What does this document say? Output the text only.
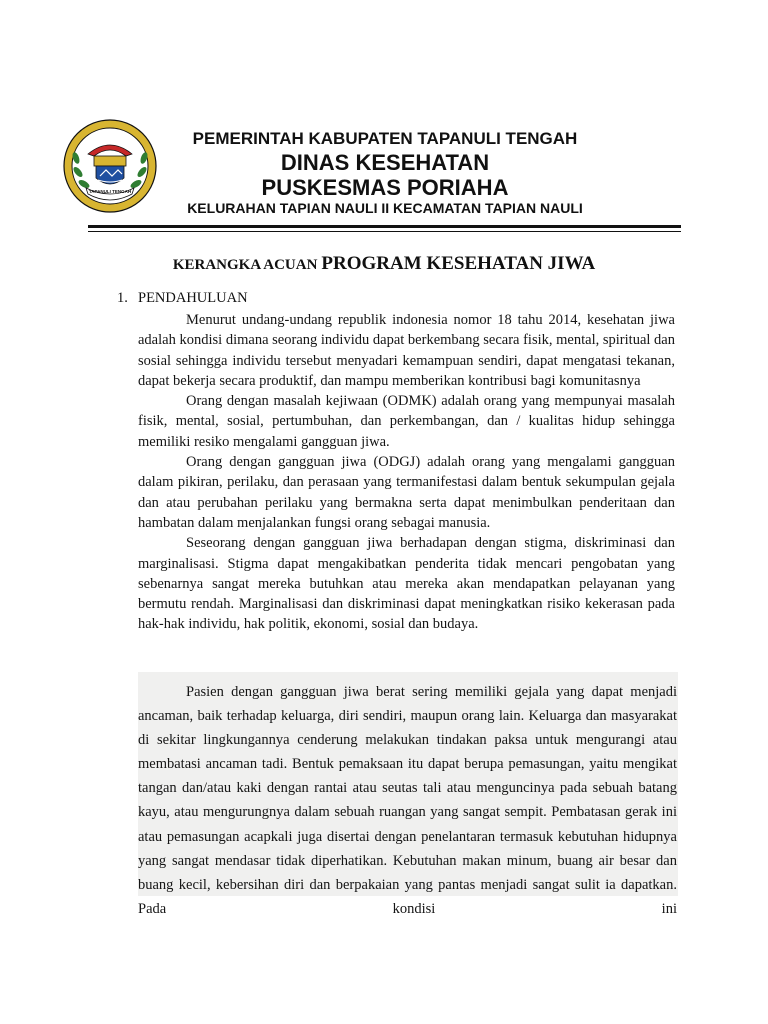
TAPANULI TENGAH
PEMERINTAH KABUPATEN TAPANULI TENGAH
DINAS KESEHATAN
PUSKESMAS PORIAHA
KELURAHAN TAPIAN NAULI II KECAMATAN TAPIAN NAULI
KERANGKA ACUAN PROGRAM KESEHATAN JIWA
1. PENDAHULUAN

Menurut undang-undang republik indonesia nomor 18 tahu 2014, kesehatan jiwa adalah kondisi dimana seorang individu dapat berkembang secara fisik, mental, spiritual dan sosial sehingga individu tersebut menyadari kemampuan sendiri, dapat mengatasi tekanan, dapat bekerja secara produktif, dan mampu memberikan kontribusi bagi komunitasnya

Orang dengan masalah kejiwaan (ODMK) adalah orang yang mempunyai masalah fisik, mental, sosial, pertumbuhan, dan perkembangan, dan / kualitas hidup sehingga memiliki resiko mengalami gangguan jiwa.

Orang dengan gangguan jiwa (ODGJ) adalah orang yang mengalami gangguan dalam pikiran, perilaku, dan perasaan yang termanifestasi dalam bentuk sekumpulan gejala dan atau perubahan perilaku yang bermakna serta dapat menimbulkan penderitaan dan hambatan dalam menjalankan fungsi orang sebagai manusia.

Seseorang dengan gangguan jiwa berhadapan dengan stigma, diskriminasi dan marginalisasi. Stigma dapat mengakibatkan penderita tidak mencari pengobatan yang sebenarnya sangat mereka butuhkan atau mereka akan mendapatkan pelayanan yang bermutu rendah. Marginalisasi dan diskriminasi dapat meningkatkan risiko kekerasan pada hak-hak individu, hak politik, ekonomi, sosial dan budaya.

Pasien dengan gangguan jiwa berat sering memiliki gejala yang dapat menjadi ancaman, baik terhadap keluarga, diri sendiri, maupun orang lain. Keluarga dan masyarakat di sekitar lingkungannya cenderung melakukan tindakan paksa untuk mengurangi atau membatasi ancaman tadi. Bentuk pemaksaan itu dapat berupa pemasungan, yaitu mengikat tangan dan/atau kaki dengan rantai atau seutas tali atau menguncinya pada sebuah batang kayu, atau mengurungnya dalam sebuah ruangan yang sangat sempit. Pembatasan gerak ini atau pemasungan acapkali juga disertai dengan penelantaran termasuk kebutuhan hidupnya yang sangat mendasar tidak diperhatikan. Kebutuhan makan minum, buang air besar dan buang kecil, kebersihan diri dan berpakaian yang pantas menjadi sangat sulit ia dapatkan. Pada kondisi ini
